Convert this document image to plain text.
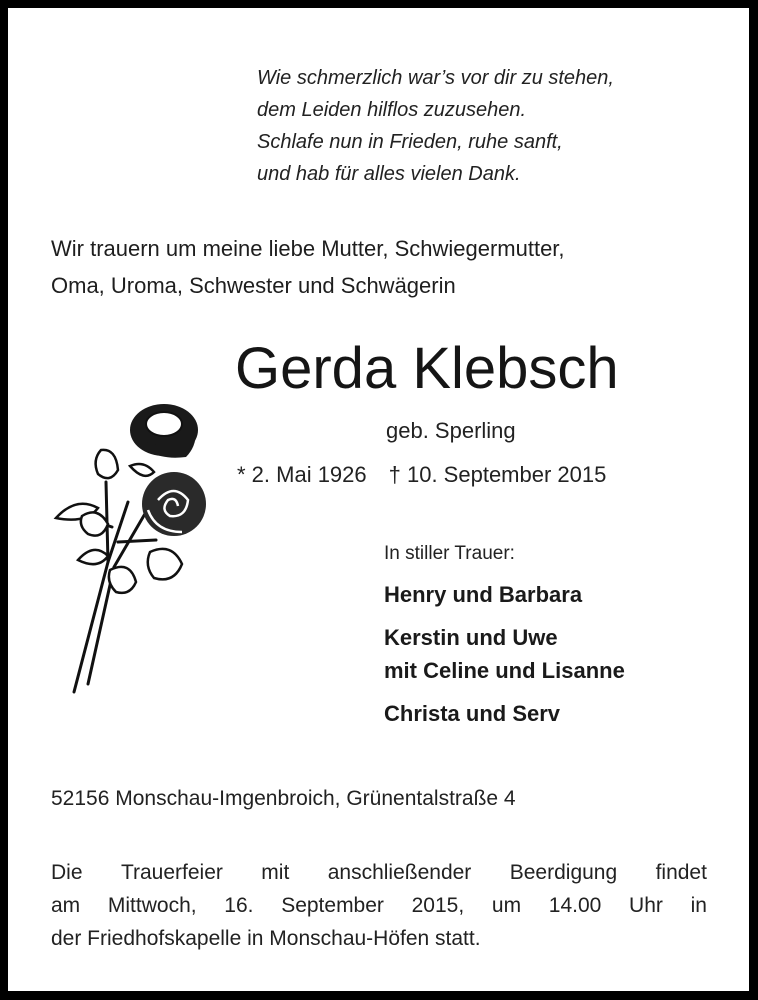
Wie schmerzlich war’s vor dir zu stehen,
dem Leiden hilflos zuzusehen.
Schlafe nun in Frieden, ruhe sanft,
und hab für alles vielen Dank.
Wir trauern um meine liebe Mutter, Schwiegermutter,
Oma, Uroma, Schwester und Schwägerin
Gerda Klebsch
geb. Sperling
* 2. Mai 1926 † 10. September 2015
In stiller Trauer:
Henry und Barbara
Kerstin und Uwe
mit Celine und Lisanne
Christa und Serv
52156 Monschau-Imgenbroich, Grünentalstraße 4
Die Trauerfeier mit anschließender Beerdigung findet
am Mittwoch, 16. September 2015, um 14.00 Uhr in
der Friedhofskapelle in Monschau-Höfen statt.
